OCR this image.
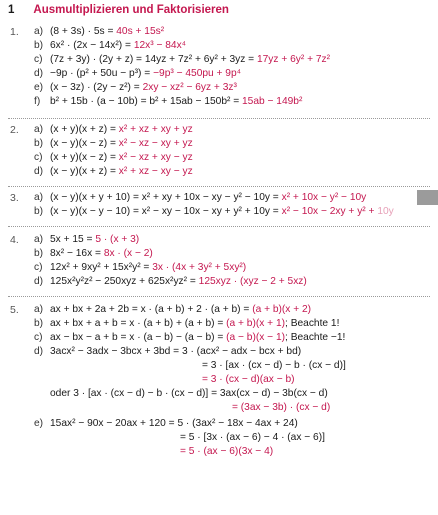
1 Ausmultiplizieren und Faktorisieren
1. a) (8 + 3s) · 5s = 40s + 15s²
b) 6x² · (2x − 14x²) = 12x³ − 84x⁴
c) (7z + 3y) · (2y + z) = 14yz + 7z² + 6y² + 3yz = 17yz + 6y² + 7z²
d) −9p · (p² + 50u − p³) = −9p³ − 450pu + 9p⁴
e) (x − 3z) · (2y − z²) = 2xy − xz² − 6yz + 3z³
f) b² + 15b · (a − 10b) = b² + 15ab − 150b² = 15ab − 149b²
2. a) (x + y)(x + z) = x² + xz + xy + yz
b) (x − y)(x − z) = x² − xz − xy + yz
c) (x + y)(x − z) = x² − xz + xy − yz
d) (x − y)(x + z) = x² + xz − xy − yz
3. a) (x − y)(x + y + 10) = x² + xy + 10x − xy − y² − 10y = x² + 10x − y² − 10y
b) (x − y)(x − y − 10) = x² − xy − 10x − xy + y² + 10y = x² − 10x − 2xy + y² + 10y
4. a) 5x + 15 = 5 · (x + 3)
b) 8x² − 16x = 8x · (x − 2)
c) 12x² + 9xy² + 15x²y² = 3x · (4x + 3y² + 5xy²)
d) 125x²y²z² − 250xyz + 625x²yz² = 125xyz · (xyz − 2 + 5xz)
5. a) ax + bx + 2a + 2b = x · (a + b) + 2 · (a + b) = (a + b)(x + 2)
b) ax + bx + a + b = x · (a + b) + (a + b) = (a + b)(x + 1); Beachte 1!
c) ax − bx − a + b = x · (a − b) − (a − b) = (a − b)(x − 1); Beachte −1!
d) 3acx² − 3adx − 3bcx + 3bd = 3 · (acx² − adx − bcx + bd)
= 3 · [ax · (cx − d) − b · (cx − d)]
= 3 · (cx − d)(ax − b)
oder 3 · [ax · (cx − d) − b · (cx − d)] = 3ax(cx − d) − 3b(cx − d)
= (3ax − 3b) · (cx − d)
e) 15ax² − 90x − 20ax + 120 = 5 · (3ax² − 18x − 4ax + 24)
= 5 · [3x · (ax − 6) − 4 · (ax − 6)]
= 5 · (ax − 6)(3x − 4)
